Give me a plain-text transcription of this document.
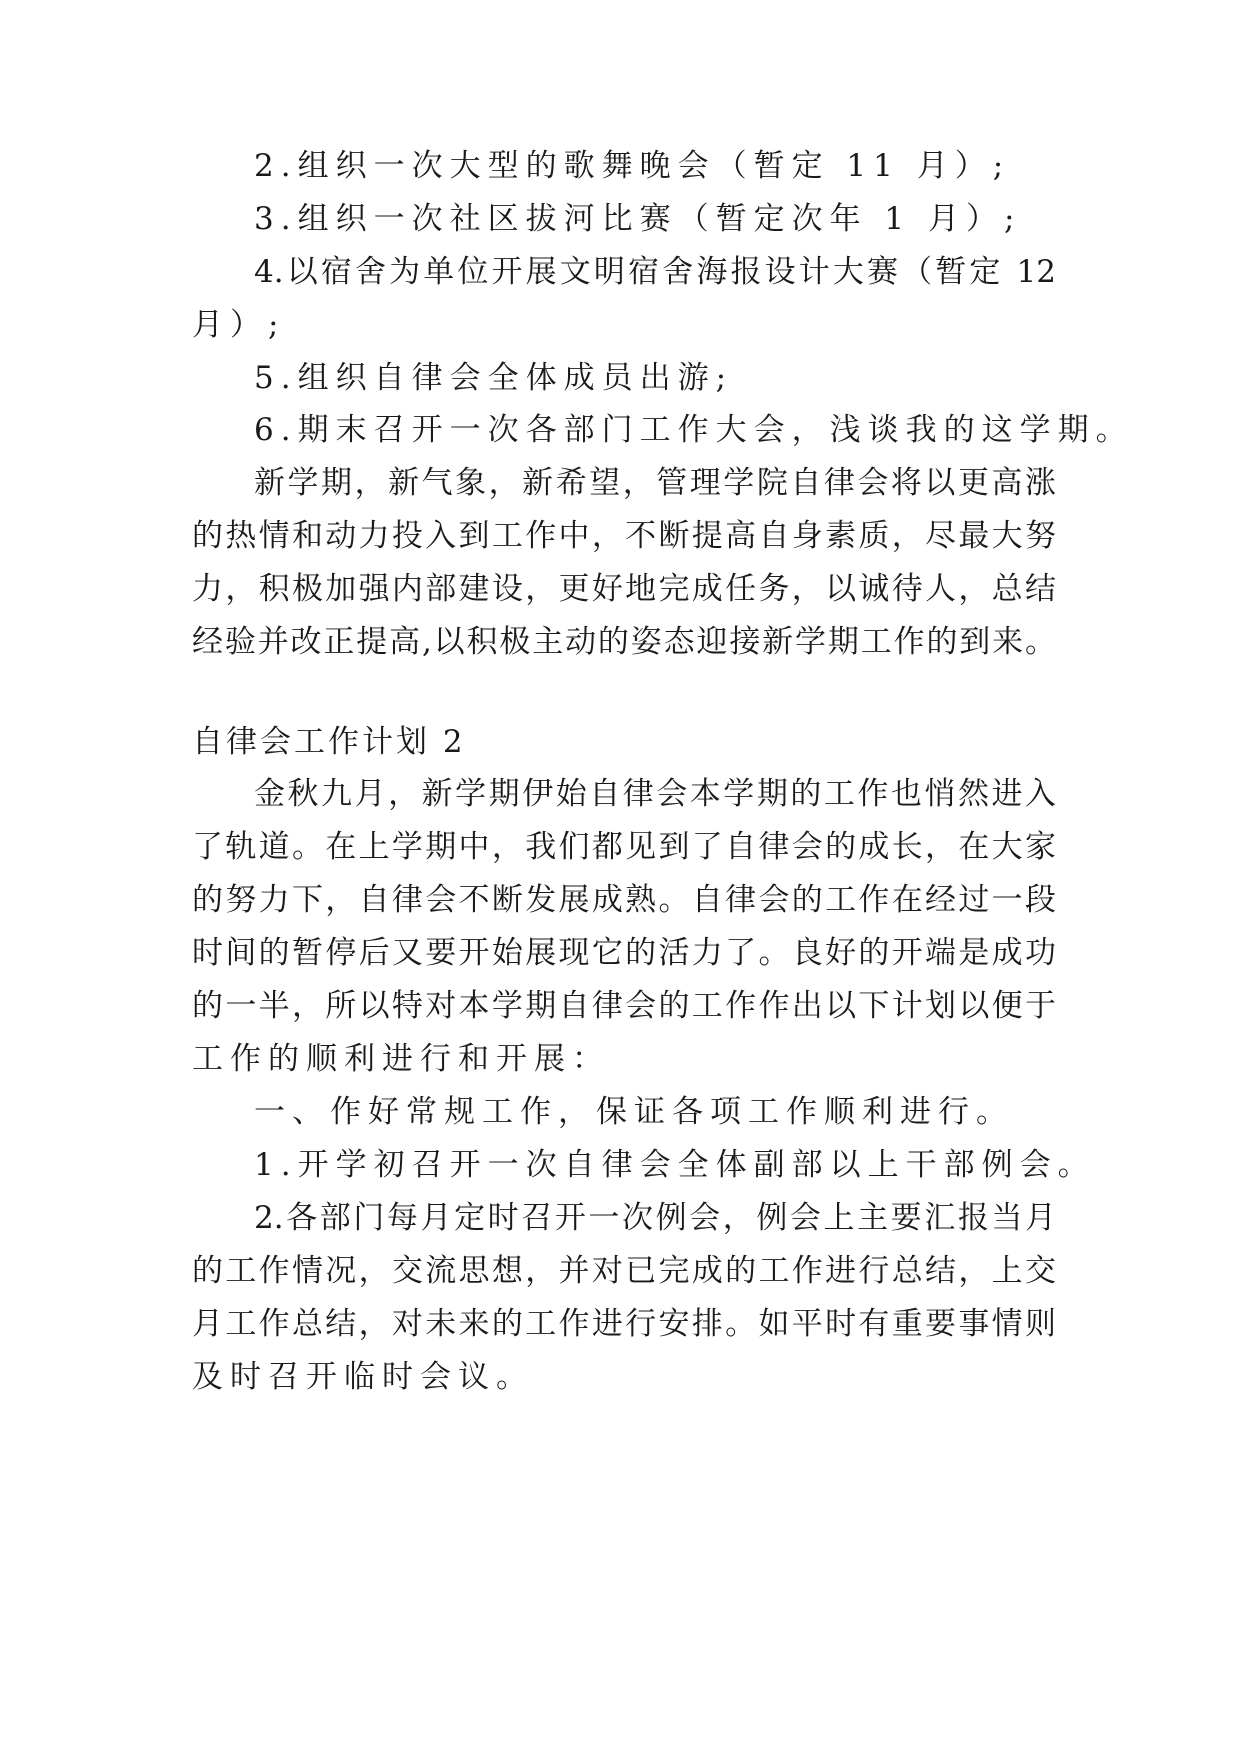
2.组织一次大型的歌舞晚会（暂定 11 月）;
3.组织一次社区拔河比赛（暂定次年 1 月）;
4.以宿舍为单位开展文明宿舍海报设计大赛（暂定 12
月）;
5.组织自律会全体成员出游;
6.期末召开一次各部门工作大会，浅谈我的这学期。
新学期，新气象，新希望，管理学院自律会将以更高涨
的热情和动力投入到工作中，不断提高自身素质，尽最大努
力，积极加强内部建设，更好地完成任务，以诚待人，总结
经验并改正提高,以积极主动的姿态迎接新学期工作的到来。
自律会工作计划 2
金秋九月，新学期伊始自律会本学期的工作也悄然进入
了轨道。在上学期中，我们都见到了自律会的成长，在大家
的努力下，自律会不断发展成熟。自律会的工作在经过一段
时间的暂停后又要开始展现它的活力了。良好的开端是成功
的一半，所以特对本学期自律会的工作作出以下计划以便于
工作的顺利进行和开展：
一、作好常规工作，保证各项工作顺利进行。
1.开学初召开一次自律会全体副部以上干部例会。
2.各部门每月定时召开一次例会，例会上主要汇报当月
的工作情况，交流思想，并对已完成的工作进行总结，上交
月工作总结，对未来的工作进行安排。如平时有重要事情则
及时召开临时会议。
